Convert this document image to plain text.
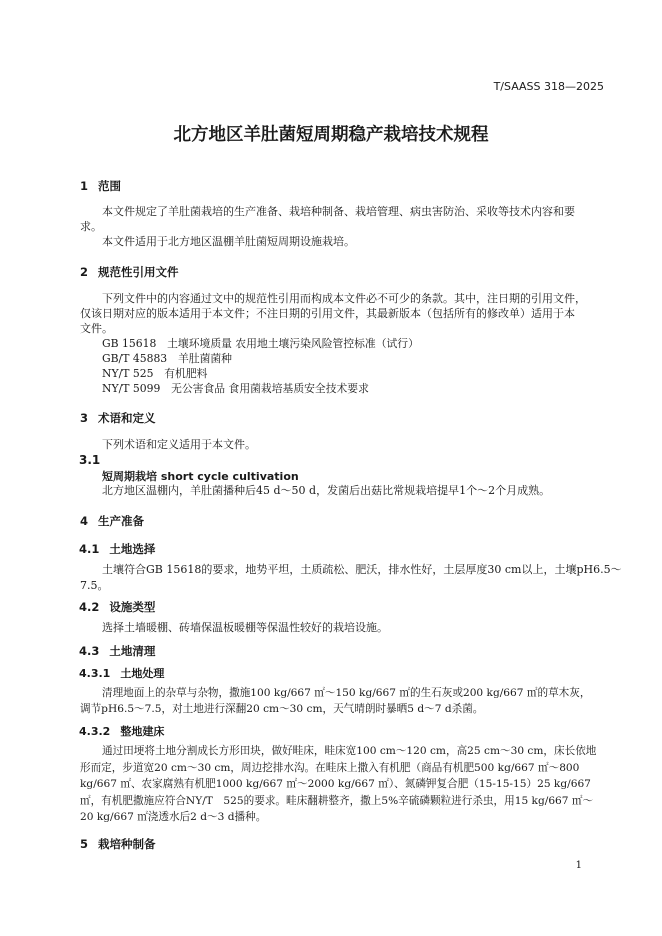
T/SAASS 318—2025
北方地区羊肚菌短周期稳产栽培技术规程
1 范围
本文件规定了羊肚菌栽培的生产准备、栽培种制备、栽培管理、病虫害防治、采收等技术内容和要
求。
本文件适用于北方地区温棚羊肚菌短周期设施栽培。
2 规范性引用文件
下列文件中的内容通过文中的规范性引用而构成本文件必不可少的条款。其中，注日期的引用文件，
仅该日期对应的版本适用于本文件；不注日期的引用文件，其最新版本（包括所有的修改单）适用于本
文件。
GB 15618　土壤环境质量 农用地土壤污染风险管控标准（试行）
GB/T 45883　羊肚菌菌种
NY/T 525　有机肥料
NY/T 5099　无公害食品 食用菌栽培基质安全技术要求
3 术语和定义
下列术语和定义适用于本文件。
3.1
短周期栽培 short cycle cultivation
北方地区温棚内，羊肚菌播种后45 d～50 d，发菌后出菇比常规栽培提早1个～2个月成熟。
4 生产准备
4.1 土地选择
土壤符合GB 15618的要求，地势平坦，土质疏松、肥沃，排水性好，土层厚度30 cm以上，土壤pH6.5～
7.5。
4.2 设施类型
选择土墙暖棚、砖墙保温板暖棚等保温性较好的栽培设施。
4.3 土地清理
4.3.1 土地处理
清理地面上的杂草与杂物，撒施100 kg/667 ㎡～150 kg/667 ㎡的生石灰或200 kg/667 ㎡的草木灰，
调节pH6.5～7.5，对土地进行深翻20 cm～30 cm，天气晴朗时暴晒5 d～7 d杀菌。
4.3.2 整地建床
通过田埂将土地分割成长方形田块，做好畦床，畦床宽100 cm～120 cm，高25 cm～30 cm，床长依地形而定，步道宽20 cm～30 cm，周边挖排水沟。在畦床上撒入有机肥（商品有机肥500 kg/667 ㎡～800 kg/667 ㎡、农家腐熟有机肥1000 kg/667 ㎡～2000 kg/667 ㎡）、氮磷钾复合肥（15-15-15）25 kg/667 ㎡，有机肥撒施应符合NY/T　525的要求。畦床翻耕整齐，撒上5%辛硫磷颗粒进行杀虫，用15 kg/667 ㎡～20 kg/667 ㎡浇透水后2 d～3 d播种。
5 栽培种制备
1
